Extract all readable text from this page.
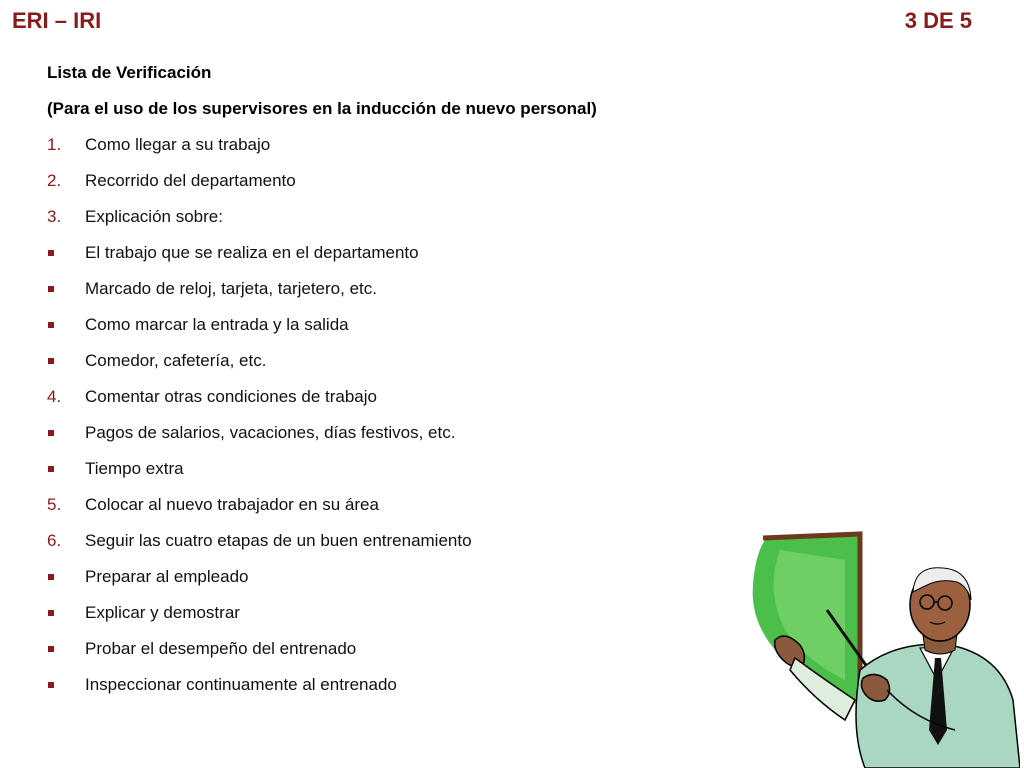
ERI – IRI	3 DE 5
Lista de Verificación
(Para el uso de los supervisores en la inducción de nuevo personal)
1.	Como llegar a su trabajo
2.	Recorrido del departamento
3.	Explicación sobre:
El trabajo que se realiza en el departamento
Marcado de reloj, tarjeta, tarjetero, etc.
Como marcar la entrada y la salida
Comedor, cafetería, etc.
4.	Comentar otras condiciones de trabajo
Pagos de salarios, vacaciones, días festivos, etc.
Tiempo extra
5.	Colocar al nuevo trabajador en su área
6.	Seguir las cuatro etapas de un buen entrenamiento
Preparar al empleado
Explicar y demostrar
Probar el desempeño del entrenado
Inspeccionar continuamente al entrenado
